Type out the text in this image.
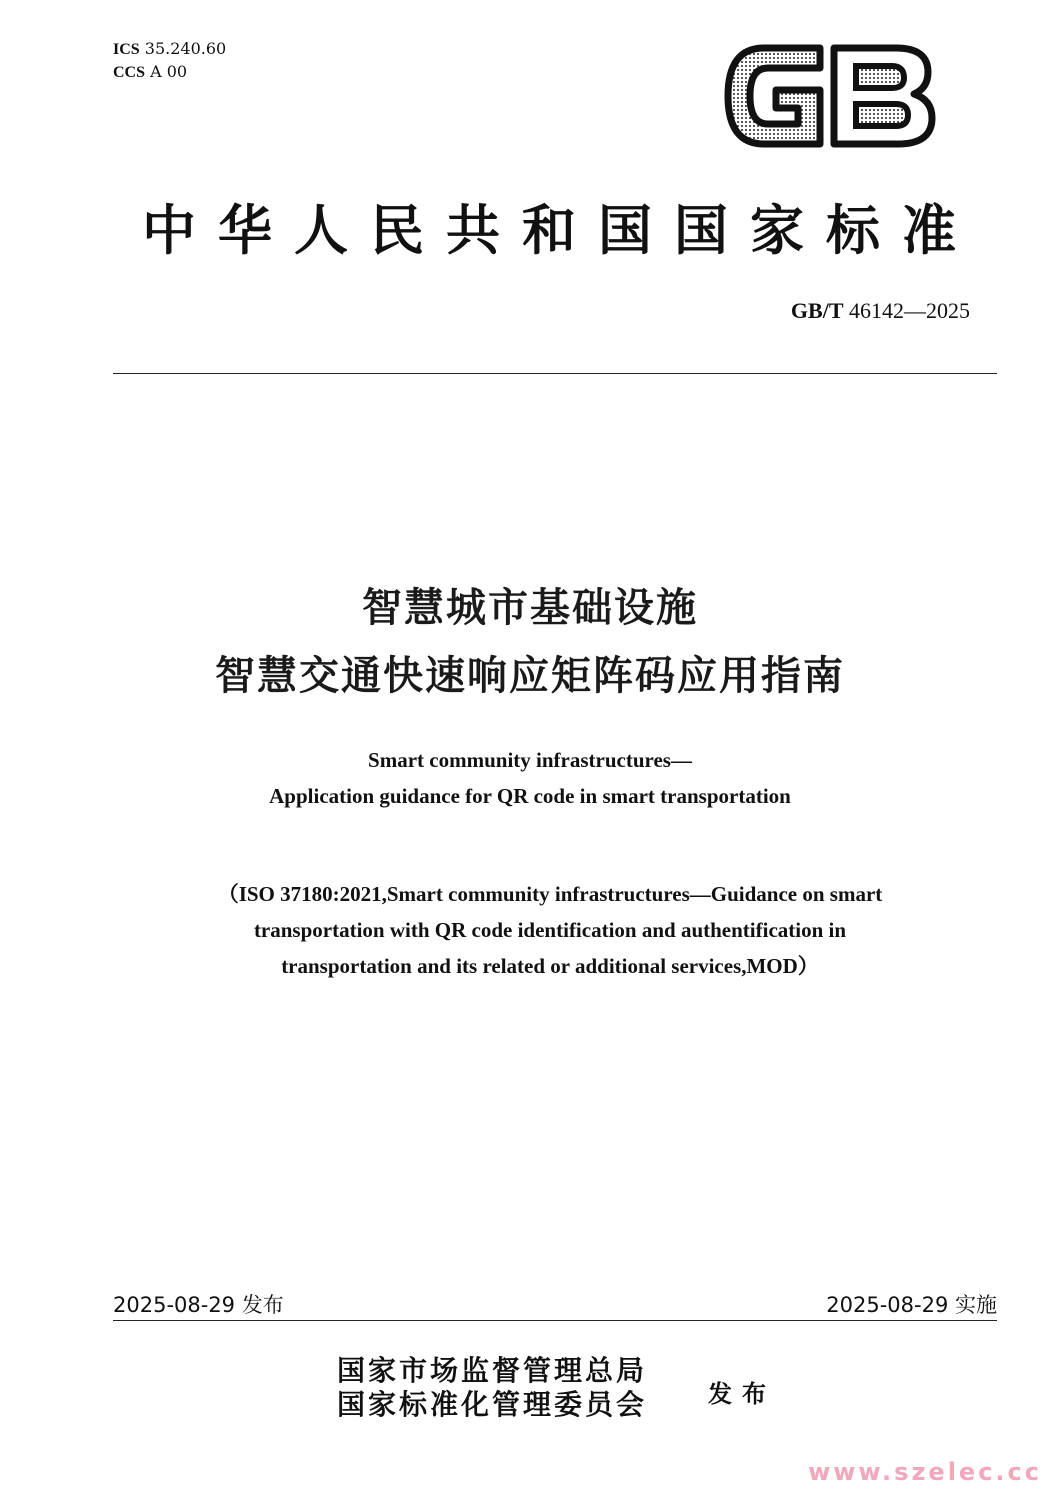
ICS 35.240.60
CCS A 00
中华人民共和国国家标准
GB/T 46142—2025
智慧城市基础设施
智慧交通快速响应矩阵码应用指南
Smart community infrastructures—
Application guidance for QR code in smart transportation
（ISO 37180:2021,Smart community infrastructures—Guidance on smart
transportation with QR code identification and authentification in
transportation and its related or additional services,MOD）
2025-08-29 发布	2025-08-29 实施
国家市场监督管理总局
国家标准化管理委员会	发布
www.szelec.cc
